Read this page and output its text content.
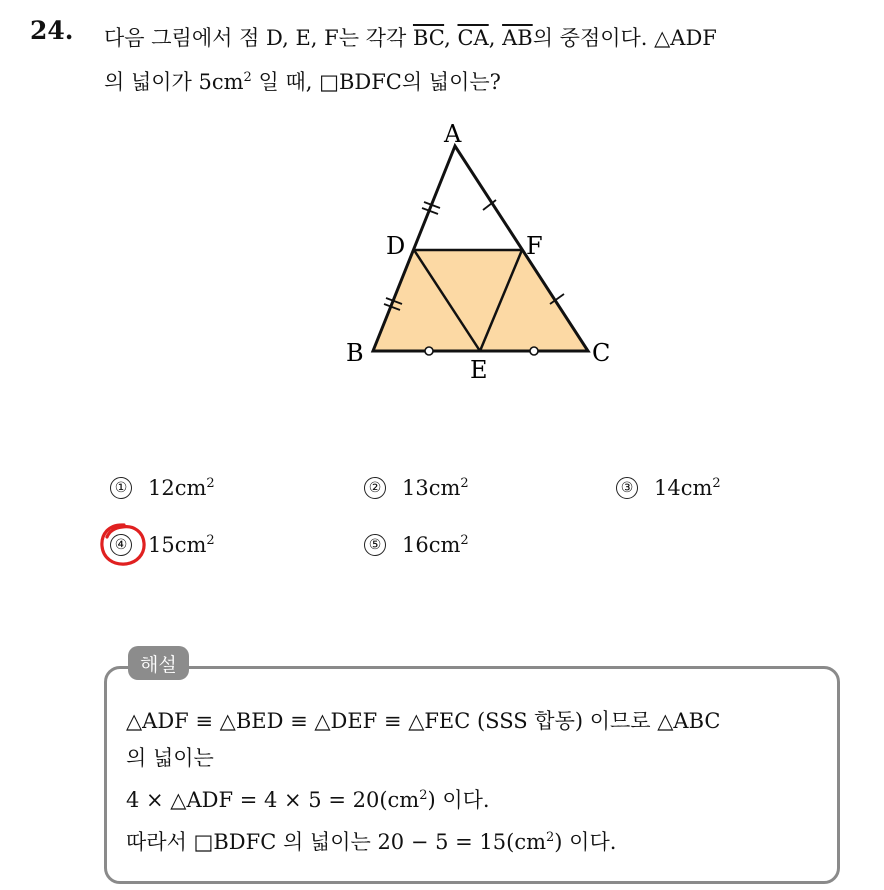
24. 다음 그림에서 점 D, E, F는 각각 $\overline{BC}$, $\overline{CA}$, $\overline{AB}$의 중점이다. △ADF
의 넓이가 $5cm^2$ 일 때, □BDFC의 넓이는?
A
B	C
D
E
F
① $12cm^2$	② $13cm^2$	③ $14cm^2$
④ $15cm^2$	⑤ $16cm^2$
해설
△ADF ≡ △BED ≡ △DEF ≡ △FEC (SSS 합동) 이므로 △ABC
의 넓이는
4 × △ADF = $4 \times 5 = 20(cm^2)$ 이다.
따라서 □BDFC 의 넓이는 $20 - 5 = 15(cm^2)$ 이다.
